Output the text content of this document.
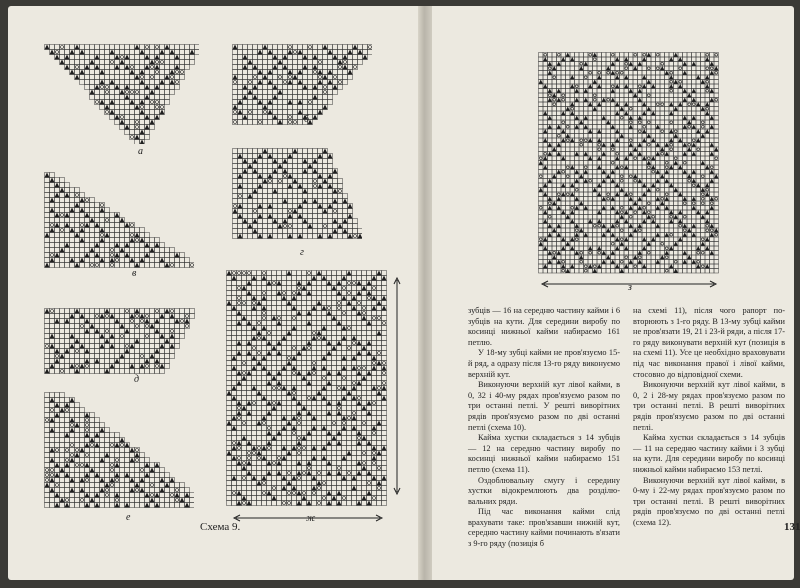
а
б
в
г
д
е	ж
з
Схема 9.	131

зубців — 16 на середню частину кайми і 6 зубців на кути. Для середини виробу по косинці нижньої кайми набираємо 161 петлю.

У 18-му зубці кайми не пров'язуємо 15-й ряд, а одразу після 13-го ряду виконуємо верхній кут.

Виконуючи верхній кут лівої кайми, в 0, 32 і 40-му рядах пров'язуємо разом по три останні петлі. У решті виворітних рядів пров'язуємо разом по дві останні петлі (схема 10).

Кайма хустки складається з 14 зубців — 12 на середню частину виробу по косинці нижньої кайми набираємо 151 петлю (схема 11).

Оздоблювальну смугу і середину хустки відокремлюють два розділювальних ряди.

Під час виконання кайми слід врахувати таке: пров'язавши нижній кут, середню частину кайми починають в'язати з 9-го ряду (позиція б

на схемі 11), після чого рапорт повторюють з 1-го ряду. В 13-му зубці кайми не пров'язати 19, 21 і 23-й ряди, а після 17-го ряду виконувати верхній кут (позиція в на схемі 11). Усе це необхідно враховувати під час виконання правої і лівої кайми, стосовно до відповідної схеми.

Виконуючи верхній кут лівої кайми, в 0, 2 і 28-му рядах пров'язуємо разом по три останні петлі. В решті виворітних рядів пров'язуємо разом по дві останні петлі.

Кайма хустки складається з 14 зубців — 11 на середню частину кайми і 3 зубці на кути. Для середини виробу по косинці нижньої кайми набираємо 153 петлі.

Виконуючи верхній кут лівої кайми, в 0-му і 22-му рядах пров'язуємо разом по три останні петлі. В решті виворітних рядів пров'язуємо по дві останні петлі (схема 12).
